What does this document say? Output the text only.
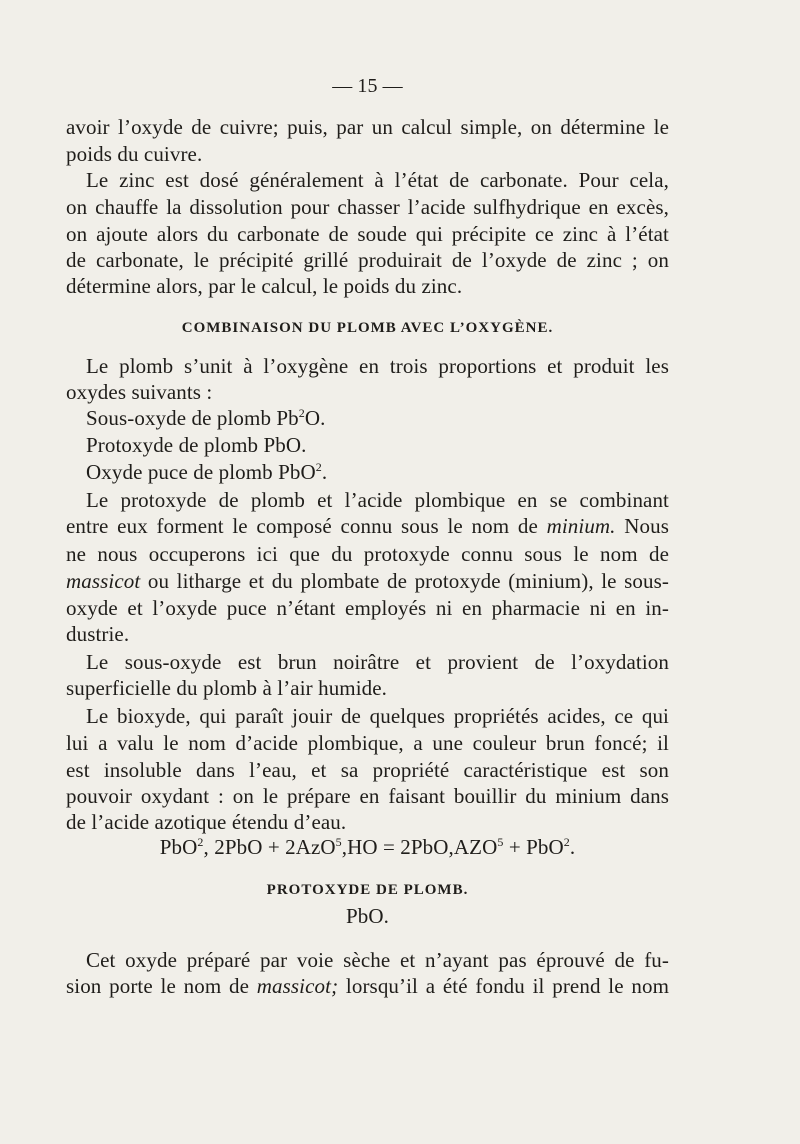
— 15 —
avoir l’oxyde de cuivre; puis, par un calcul simple, on détermine le
poids du cuivre.
Le zinc est dosé généralement à l’état de carbonate. Pour cela,
on chauffe la dissolution pour chasser l’acide sulfhydrique en excès,
on ajoute alors du carbonate de soude qui précipite ce zinc à l’état
de carbonate, le précipité grillé produirait de l’oxyde de zinc ; on
détermine alors, par le calcul, le poids du zinc.
COMBINAISON DU PLOMB AVEC L’OXYGÈNE.
Le plomb s’unit à l’oxygène en trois proportions et produit les
oxydes suivants :
Sous-oxyde de plomb Pb$^2$O.
Protoxyde de plomb PbO.
Oxyde puce de plomb PbO$^2$.
Le protoxyde de plomb et l’acide plombique en se combinant
entre eux forment le composé connu sous le nom de minium. Nous
ne nous occuperons ici que du protoxyde connu sous le nom de
massicot ou litharge et du plombate de protoxyde (minium), le sous-
oxyde et l’oxyde puce n’étant employés ni en pharmacie ni en in-
dustrie.
Le sous-oxyde est brun noirâtre et provient de l’oxydation
superficielle du plomb à l’air humide.
Le bioxyde, qui paraît jouir de quelques propriétés acides, ce qui
lui a valu le nom d’acide plombique, a une couleur brun foncé; il
est insoluble dans l’eau, et sa propriété caractéristique est son
pouvoir oxydant : on le prépare en faisant bouillir du minium dans
de l’acide azotique étendu d’eau.
PbO$^2$, $2PbO + 2AzO^5,HO = 2PbO,AZO^5 + PbO^2$.
PROTOXYDE DE PLOMB.
PbO.
Cet oxyde préparé par voie sèche et n’ayant pas éprouvé de fu-
sion porte le nom de massicot; lorsqu’il a été fondu il prend le nom
